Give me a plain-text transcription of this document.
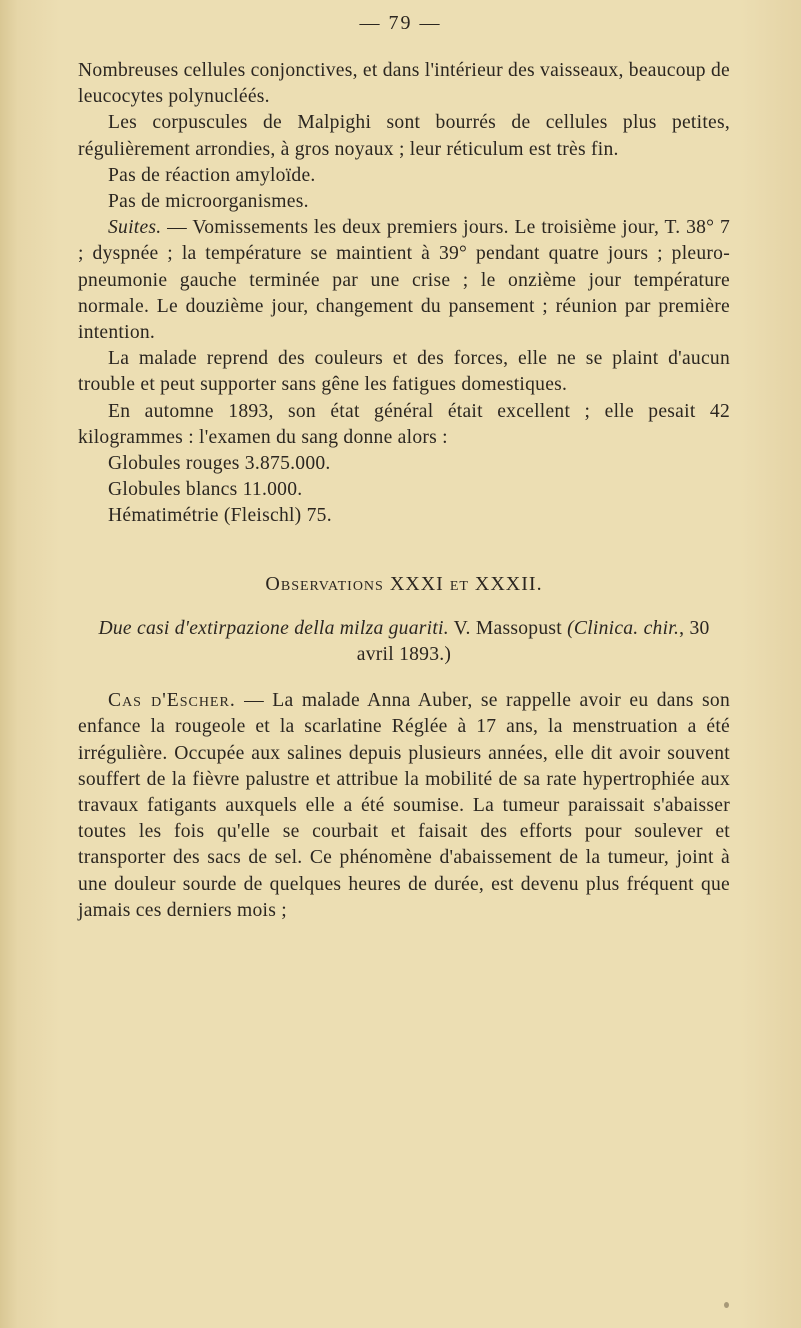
— 79 —

Nombreuses cellules conjonctives, et dans l'intérieur des vaisseaux, beaucoup de leucocytes polynucléés.

Les corpuscules de Malpighi sont bourrés de cellules plus petites, régulièrement arrondies, à gros noyaux ; leur réticulum est très fin.

Pas de réaction amyloïde.

Pas de microorganismes.

Suites. — Vomissements les deux premiers jours. Le troisième jour, T. 38° 7 ; dyspnée ; la température se maintient à 39° pendant quatre jours ; pleuro-pneumonie gauche terminée par une crise ; le onzième jour température normale. Le douzième jour, changement du pansement ; réunion par première intention.

La malade reprend des couleurs et des forces, elle ne se plaint d'aucun trouble et peut supporter sans gêne les fatigues domestiques.

En automne 1893, son état général était excellent ; elle pesait 42 kilogrammes : l'examen du sang donne alors :

Globules rouges 3.875.000.

Globules blancs 11.000.

Hématimétrie (Fleischl) 75.

Observations XXXI et XXXII.
Due casi d'extirpazione della milza guariti. V. Massopust (Clinica. chir., 30 avril 1893.)

Cas d'Escher. — La malade Anna Auber, se rappelle avoir eu dans son enfance la rougeole et la scarlatine Réglée à 17 ans, la menstruation a été irrégulière. Occupée aux salines depuis plusieurs années, elle dit avoir souvent souffert de la fièvre palustre et attribue la mobilité de sa rate hypertrophiée aux travaux fatigants auxquels elle a été soumise. La tumeur paraissait s'abaisser toutes les fois qu'elle se courbait et faisait des efforts pour soulever et transporter des sacs de sel. Ce phénomène d'abaissement de la tumeur, joint à une douleur sourde de quelques heures de durée, est devenu plus fréquent que jamais ces derniers mois ;
